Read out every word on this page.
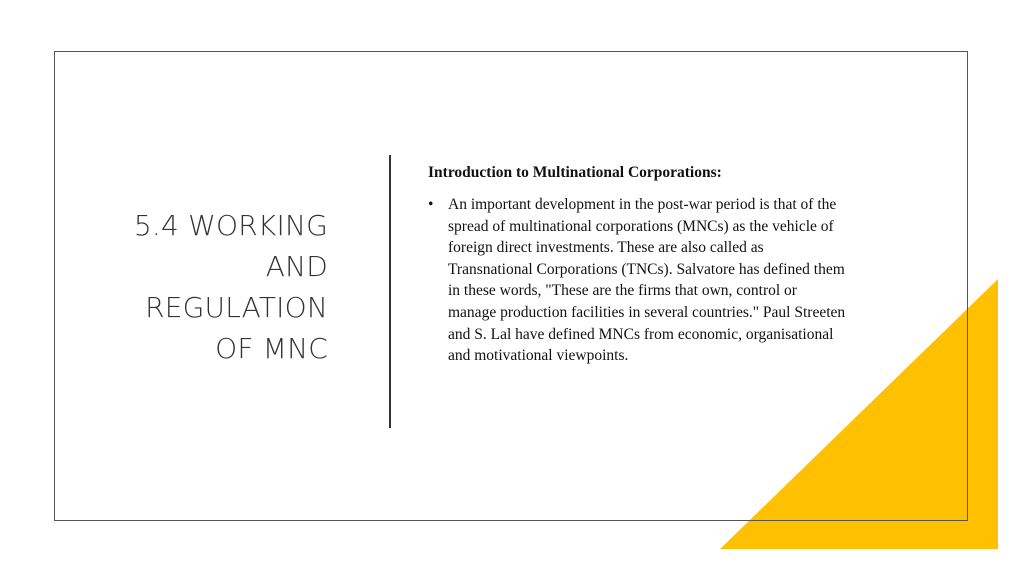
5.4 WORKING
AND
REGULATION
OF MNC
Introduction to Multinational Corporations:
• An important development in the post-war period is that of the spread of multinational corporations (MNCs) as the vehicle of foreign direct investments. These are also called as Transnational Corporations (TNCs). Salvatore has defined them in these words, "These are the firms that own, control or manage production facilities in several countries." Paul Streeten and S. Lal have defined MNCs from economic, organisational and motivational viewpoints.
